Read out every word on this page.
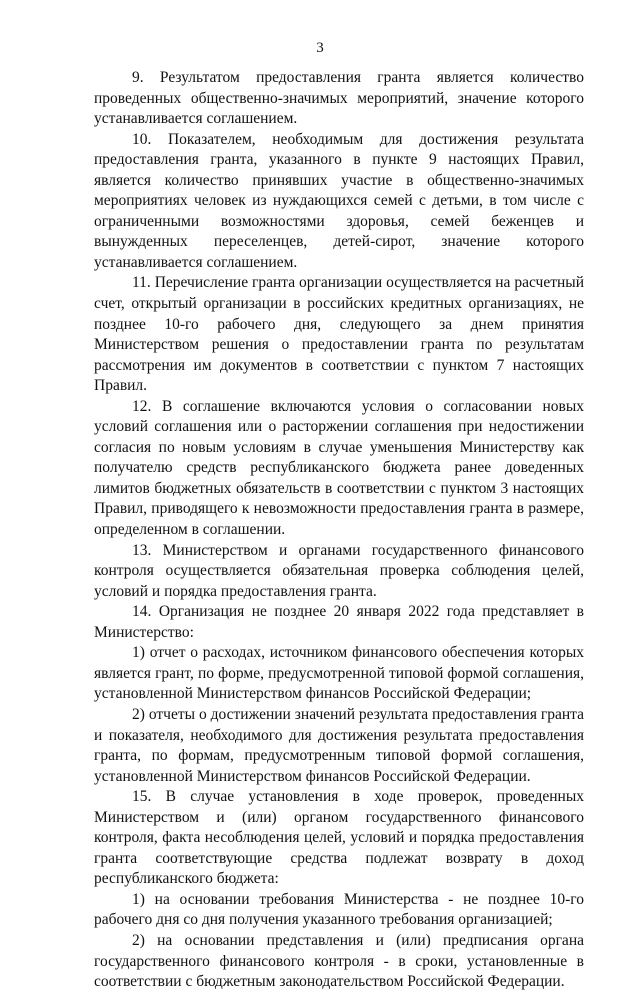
3

9. Результатом предоставления гранта является количество проведенных общественно-значимых мероприятий, значение которого устанавливается соглашением.

10. Показателем, необходимым для достижения результата предоставления гранта, указанного в пункте 9 настоящих Правил, является количество принявших участие в общественно-значимых мероприятиях человек из нуждающихся семей с детьми, в том числе с ограниченными возможностями здоровья, семей беженцев и вынужденных переселенцев, детей-сирот, значение которого устанавливается соглашением.

11. Перечисление гранта организации осуществляется на расчетный счет, открытый организации в российских кредитных организациях, не позднее 10-го рабочего дня, следующего за днем принятия Министерством решения о предоставлении гранта по результатам рассмотрения им документов в соответствии с пунктом 7 настоящих Правил.

12. В соглашение включаются условия о согласовании новых условий соглашения или о расторжении соглашения при недостижении согласия по новым условиям в случае уменьшения Министерству как получателю средств республиканского бюджета ранее доведенных лимитов бюджетных обязательств в соответствии с пунктом 3 настоящих Правил, приводящего к невозможности предоставления гранта в размере, определенном в соглашении.

13. Министерством и органами государственного финансового контроля осуществляется обязательная проверка соблюдения целей, условий и порядка предоставления гранта.

14. Организация не позднее 20 января 2022 года представляет в Министерство:

1) отчет о расходах, источником финансового обеспечения которых является грант, по форме, предусмотренной типовой формой соглашения, установленной Министерством финансов Российской Федерации;

2) отчеты о достижении значений результата предоставления гранта и показателя, необходимого для достижения результата предоставления гранта, по формам, предусмотренным типовой формой соглашения, установленной Министерством финансов Российской Федерации.

15. В случае установления в ходе проверок, проведенных Министерством и (или) органом государственного финансового контроля, факта несоблюдения целей, условий и порядка предоставления гранта соответствующие средства подлежат возврату в доход республиканского бюджета:

1) на основании требования Министерства - не позднее 10-го рабочего дня со дня получения указанного требования организацией;

2) на основании представления и (или) предписания органа государственного финансового контроля - в сроки, установленные в соответствии с бюджетным законодательством Российской Федерации.
